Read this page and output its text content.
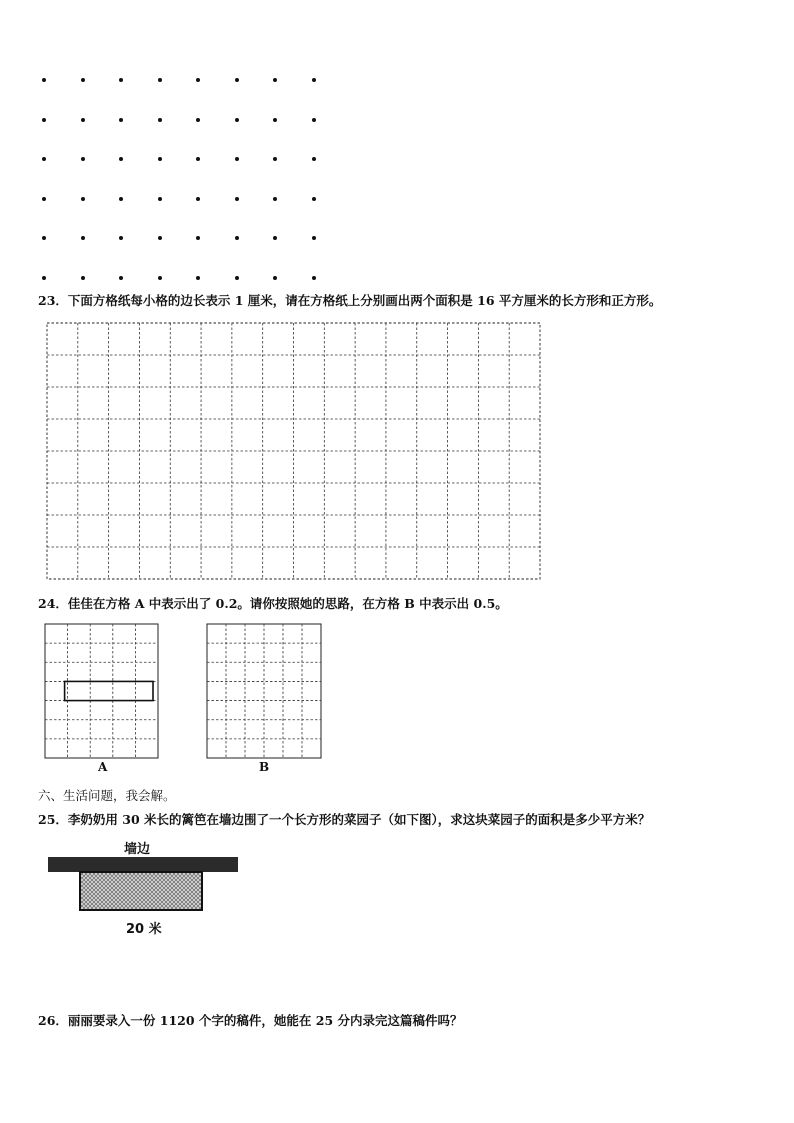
23．下面方格纸每小格的边长表示 1 厘米，请在方格纸上分别画出两个面积是 16 平方厘米的长方形和正方形。
24．佳佳在方格 A 中表示出了 0.2。请你按照她的思路，在方格 B 中表示出 0.5。
A	B
六、生活问题，我会解。
25．李奶奶用 30 米长的篱笆在墙边围了一个长方形的菜园子（如下图），求这块菜园子的面积是多少平方米？
墙边
20 米
26．丽丽要录入一份 1120 个字的稿件，她能在 25 分内录完这篇稿件吗？
